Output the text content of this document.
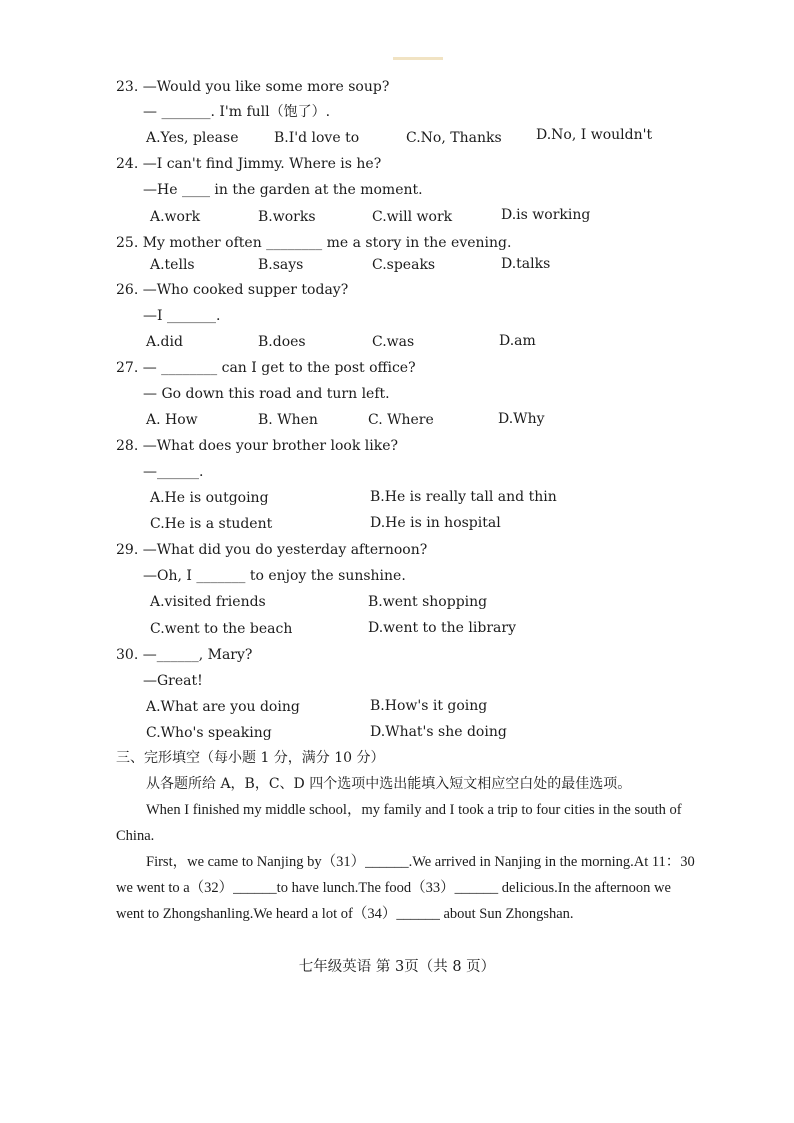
23. —Would you like some more soup?
— _______. I'm full（饱了）.
A.Yes, please	B.I'd love to	C.No, Thanks D.No, I wouldn't
24. —I can't find Jimmy. Where is he?
—He ____ in the garden at the moment.
A.work	B.works	C.will work	D.is working
25. My mother often ________ me a story in the evening.
A.tells	B.says	C.speaks	D.talks
26. —Who cooked supper today?
—I _______.
A.did	B.does	C.was	D.am
27. — ________ can I get to the post office?
— Go down this road and turn left.
A. How	B. When	C. Where	D.Why
28. —What does your brother look like?
—______.
A.He is outgoing	B.He is really tall and thin
C.He is a student	D.He is in hospital
29. —What did you do yesterday afternoon?
—Oh, I _______ to enjoy the sunshine.
A.visited friends	B.went shopping
C.went to the beach	D.went to the library
30. —______, Mary?
—Great!
A.What are you doing	B.How's it going
C.Who's speaking	D.What's she doing
三、完形填空（每小题 1 分，满分 10 分）
从各题所给 A，B，C、D 四个选项中选出能填入短文相应空白处的最佳选项。

When I finished my middle school，my family and I took a trip to four cities in the south of China.

First，we came to Nanjing by（31）______.We arrived in Nanjing in the morning.At 11：30 we went to a（32）______to have lunch.The food（33）______ delicious.In the afternoon we went to Zhongshanling.We heard a lot of（34）______ about Sun Zhongshan.

七年级英语 第 3页（共 8 页）
